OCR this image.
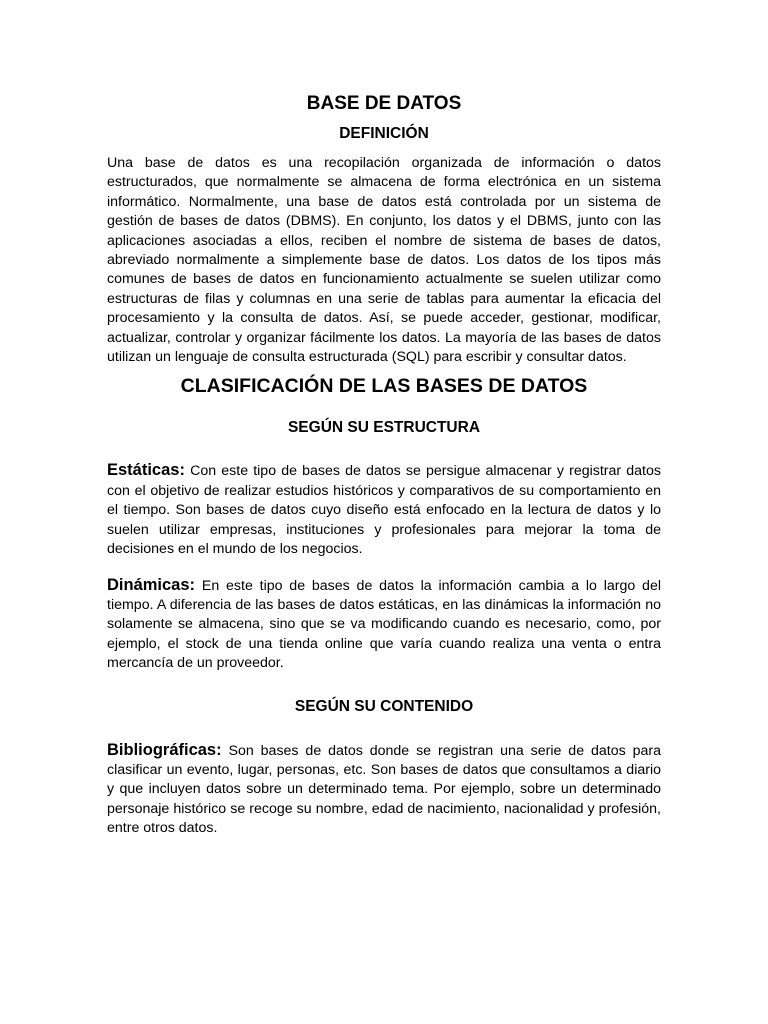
BASE DE DATOS
DEFINICIÓN

Una base de datos es una recopilación organizada de información o datos estructurados, que normalmente se almacena de forma electrónica en un sistema informático. Normalmente, una base de datos está controlada por un sistema de gestión de bases de datos (DBMS). En conjunto, los datos y el DBMS, junto con las aplicaciones asociadas a ellos, reciben el nombre de sistema de bases de datos, abreviado normalmente a simplemente base de datos. Los datos de los tipos más comunes de bases de datos en funcionamiento actualmente se suelen utilizar como estructuras de filas y columnas en una serie de tablas para aumentar la eficacia del procesamiento y la consulta de datos. Así, se puede acceder, gestionar, modificar, actualizar, controlar y organizar fácilmente los datos. La mayoría de las bases de datos utilizan un lenguaje de consulta estructurada (SQL) para escribir y consultar datos.

CLASIFICACIÓN DE LAS BASES DE DATOS
SEGÚN SU ESTRUCTURA

Estáticas: Con este tipo de bases de datos se persigue almacenar y registrar datos con el objetivo de realizar estudios históricos y comparativos de su comportamiento en el tiempo. Son bases de datos cuyo diseño está enfocado en la lectura de datos y lo suelen utilizar empresas, instituciones y profesionales para mejorar la toma de decisiones en el mundo de los negocios.

Dinámicas: En este tipo de bases de datos la información cambia a lo largo del tiempo. A diferencia de las bases de datos estáticas, en las dinámicas la información no solamente se almacena, sino que se va modificando cuando es necesario, como, por ejemplo, el stock de una tienda online que varía cuando realiza una venta o entra mercancía de un proveedor.

SEGÚN SU CONTENIDO

Bibliográficas: Son bases de datos donde se registran una serie de datos para clasificar un evento, lugar, personas, etc. Son bases de datos que consultamos a diario y que incluyen datos sobre un determinado tema. Por ejemplo, sobre un determinado personaje histórico se recoge su nombre, edad de nacimiento, nacionalidad y profesión, entre otros datos.
